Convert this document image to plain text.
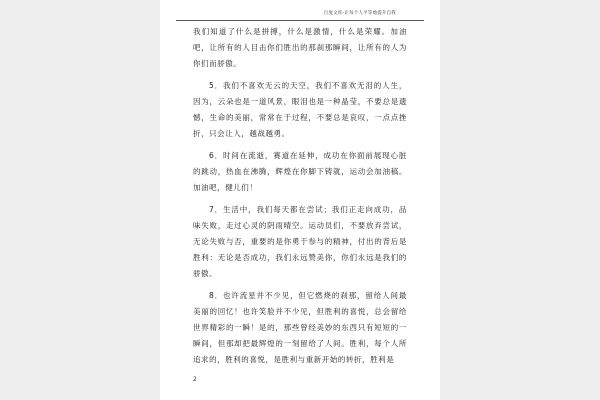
百度文库-让每个人平等地提升自我

我们知道了什么是拼搏，什么是激情，什么是荣耀。加油吧，让所有的人目击你们胜出的那刹那瞬间，让所有的人为你们而骄傲。

5．我们不喜欢无云的天空，我们不喜欢无泪的人生，因为，云朵也是一道风景，眼泪也是一种晶莹，不要总是遗憾，生命的美丽，常常在于过程，不要总是哀叹，一点点挫折，只会让人，越战越勇。

6．时间在流逝，赛道在延伸，成功在你面前展现心脏的跳动，热血在沸腾，辉煌在你脚下铸就，运动会加油稿。加油吧，健儿们！

7．生活中，我们每天都在尝试；我们正走向成功，品味失败，走过心灵的阴雨晴空。运动员们，不要放弃尝试，无论失败与否，重要的是你勇于参与的精神，付出的背后是胜利：无论是否成功，我们永远赞美你，你们永远是我们的骄傲。

8．也许流星并不少见，但它燃烧的刹那，留给人间最美丽的回忆！也许笑脸并不少见，但胜利的喜悦，总会留给世界精彩的一瞬！是的，那些曾经美妙的东西只有短短的一瞬间，但那却把最辉煌的一刻留给了人间。胜利，每个人所追求的，胜利的喜悦，是胜利与重新开始的转折，胜利是

2
